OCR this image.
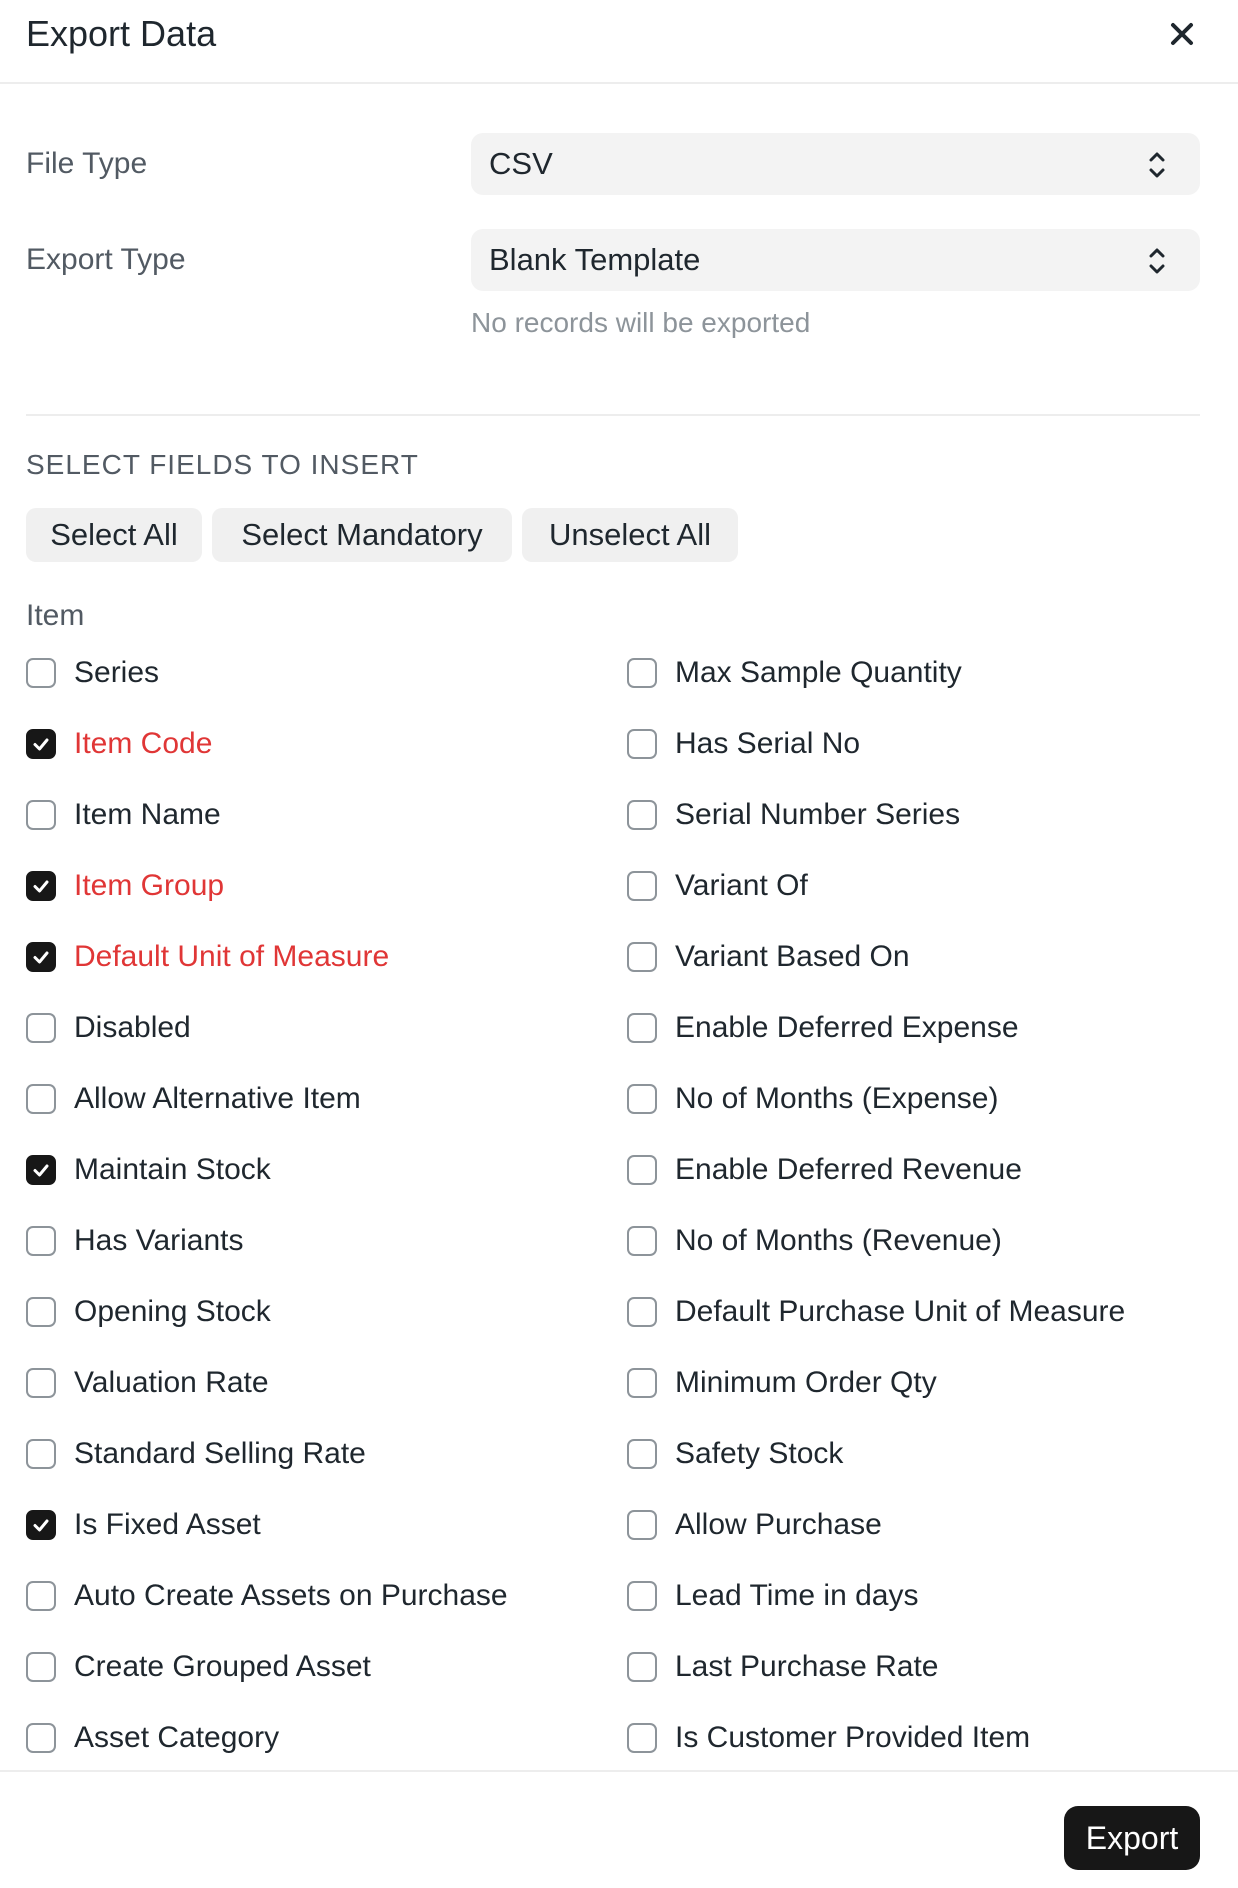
Export Data
File Type	CSV
Export Type	Blank Template
No records will be exported
SELECT FIELDS TO INSERT
Select All	Select Mandatory	Unselect All
Item
Series
Item Code
Item Name
Item Group
Default Unit of Measure
Disabled
Allow Alternative Item
Maintain Stock
Has Variants
Opening Stock
Valuation Rate
Standard Selling Rate
Is Fixed Asset
Auto Create Assets on Purchase
Create Grouped Asset
Asset Category
Max Sample Quantity
Has Serial No
Serial Number Series
Variant Of
Variant Based On
Enable Deferred Expense
No of Months (Expense)
Enable Deferred Revenue
No of Months (Revenue)
Default Purchase Unit of Measure
Minimum Order Qty
Safety Stock
Allow Purchase
Lead Time in days
Last Purchase Rate
Is Customer Provided Item
Export
